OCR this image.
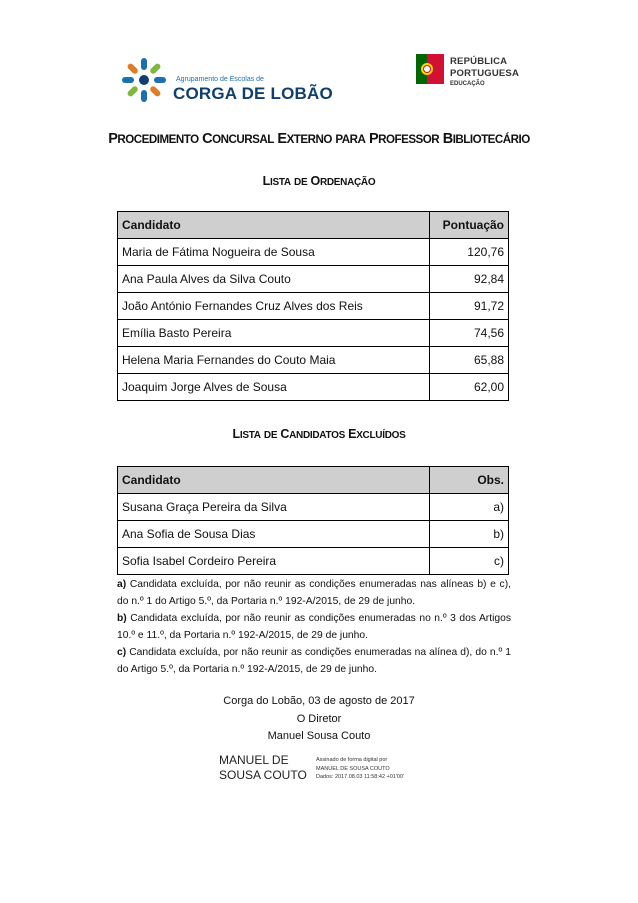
Agrupamento de Escolas de
CORGA DE LOBÃO
REPÚBLICA
PORTUGUESA
EDUCAÇÃO
PROCEDIMENTO CONCURSAL EXTERNO PARA PROFESSOR BIBLIOTECÁRIO
LISTA DE ORDENAÇÃO
Candidato	Pontuação
Maria de Fátima Nogueira de Sousa	120,76
Ana Paula Alves da Silva Couto	92,84
João António Fernandes Cruz Alves dos Reis	91,72
Emília Basto Pereira	74,56
Helena Maria Fernandes do Couto Maia	65,88
Joaquim Jorge Alves de Sousa	62,00
LISTA DE CANDIDATOS EXCLUÍDOS
Candidato	Obs.
Susana Graça Pereira da Silva	a)
Ana Sofia de Sousa Dias	b)
Sofia Isabel Cordeiro Pereira	c)
a) Candidata excluída, por não reunir as condições enumeradas nas alíneas b) e c), do n.º 1 do Artigo 5.º, da Portaria n.º 192-A/2015, de 29 de junho.
b) Candidata excluída, por não reunir as condições enumeradas no n.º 3 dos Artigos 10.º e 11.º, da Portaria n.º 192-A/2015, de 29 de junho.
c) Candidata excluída, por não reunir as condições enumeradas na alínea d), do n.º 1 do Artigo 5.º, da Portaria n.º 192-A/2015, de 29 de junho.
Corga do Lobão, 03 de agosto de 2017
O Diretor
Manuel Sousa Couto
MANUEL DE
SOUSA COUTO
Assinado de forma digital por
MANUEL DE SOUSA COUTO
Dados: 2017.08.03 11:58:42 +01'00'
